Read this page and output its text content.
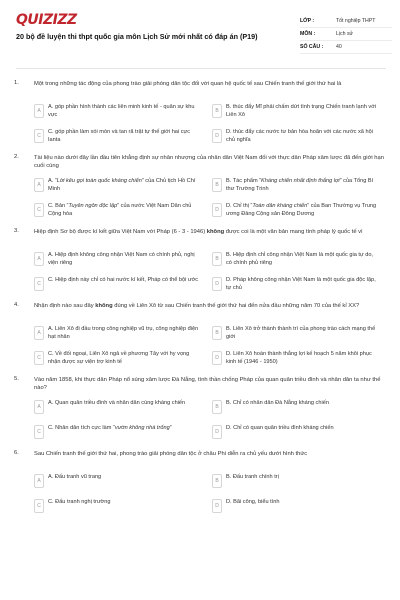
QUIZIZZ
20 bộ đề luyện thi thpt quốc gia môn Lịch Sử mới nhất có đáp án (P19)
LỚP :	Tốt nghiệp THPT
MÔN :	Lịch sử
SỐ CÂU :	40
1.	Một trong những tác động của phong trào giải phóng dân tộc đối với quan hệ quốc tế sau Chiến tranh thế giới thứ hai là
A
A. góp phần hình thành các liên minh kinh tế - quân sự khu vực
B
B. thúc đẩy Mĩ phải chấm dứt tình trạng Chiến tranh lạnh với Liên Xô
C
C. góp phần làm xói mòn và tan rã trật tự thế giới hai cực Ianta
D
D. thúc đẩy các nước tư bản hòa hoãn với các nước xã hội chủ nghĩa
2.	Tài liệu nào dưới đây lần đầu tiên khẳng định sự nhân nhượng của nhân dân Việt Nam đối với thực dân Pháp xâm lược đã đến giới hạn cuối cùng
A
A. “Lời kêu gọi toàn quốc kháng chiến” của Chủ tịch Hồ Chí Minh
B
B. Tác phẩm “Kháng chiến nhất định thắng lợi” của Tổng Bí thư Trường Trinh
C
C. Bản “Tuyên ngôn độc lập” của nước Việt Nam Dân chủ Cộng hòa
D
D. Chỉ thị “Toàn dân kháng chiến” của Ban Thường vụ Trung ương Đảng Cộng sản Đông Dương
3.	Hiệp định Sơ bộ được kí kết giữa Việt Nam với Pháp (6 - 3 - 1946) không được coi là một văn bản mang tính pháp lý quốc tế vì
A
A. Hiệp định không công nhận Việt Nam có chính phủ, nghị viện riêng
B
B. Hiệp định chỉ công nhận Việt Nam là một quốc gia tự do, có chính phủ riêng
C
C. Hiệp định này chỉ có hai nước kí kết, Pháp có thể bội ước
D
D. Pháp không công nhận Việt Nam là một quốc gia độc lập, tự chủ
4.	Nhận định nào sau đây không đúng về Liên Xô từ sau Chiến tranh thế giới thứ hai đến nửa đầu những năm 70 của thế kỉ XX?
A
A. Liên Xô đi đầu trong công nghiệp vũ trụ, công nghiệp điện hạt nhân
B
B. Liên Xô trở thành thành trì của phong trào cách mạng thế giới
C
C. Về đối ngoại, Liên Xô ngả về phương Tây với hy vọng nhận được sự viện trợ kinh tế
D
D. Liên Xô hoàn thành thắng lợi kế hoạch 5 năm khôi phục kinh tế (1946 - 1950)
5.	Vào năm 1858, khi thực dân Pháp nổ súng xâm lược Đà Nẵng, tình thần chống Pháp của quan quân triều đình và nhân dân ta như thế nào?
A
A. Quan quân triều đình và nhân dân cùng kháng chiến
B
B. Chỉ có nhân dân Đà Nẵng kháng chiến
C
C. Nhân dân tích cực làm “vườn không nhà trống”
D
D. Chỉ có quan quân triều đình kháng chiến
6.	Sau Chiến tranh thế giới thứ hai, phong trào giải phóng dân tộc ở châu Phi diễn ra chủ yếu dưới hình thức
A
A. Đấu tranh vũ trang
B
B. Đấu tranh chính trị
C
C. Đấu tranh nghị trường
D
D. Bãi công, biểu tình
